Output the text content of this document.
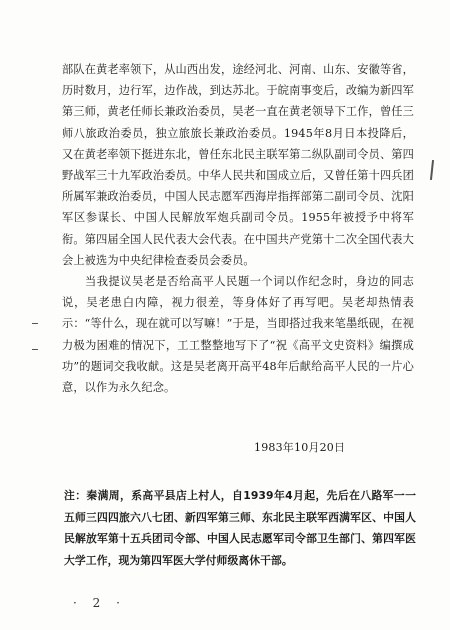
部队在黄老率领下，从山西出发，途经河北、河南、山东、安徽等省，历时数月，边行军，边作战，到达苏北。于皖南事变后，改编为新四军第三师，黄老任师长兼政治委员，吴老一直在黄老领导下工作，曾任三师八旅政治委员，独立旅旅长兼政治委员。1945年8月日本投降后，又在黄老率领下挺进东北，曾任东北民主联军第二纵队副司令员、第四野战军三十九军政治委员。中华人民共和国成立后，又曾任第十四兵团所属军兼政治委员，中国人民志愿军西海岸指挥部第二副司令员、沈阳军区参谋长、中国人民解放军炮兵副司令员。1955年被授予中将军衔。第四届全国人民代表大会代表。在中国共产党第十二次全国代表大会上被选为中央纪律检查委员会委员。

当我提议吴老是否给高平人民题一个词以作纪念时，身边的同志说，吴老患白内障，视力很差，等身体好了再写吧。吴老却热情表示：“等什么，现在就可以写嘛！”于是，当即搭过我来笔墨纸砚，在视力极为困难的情况下，工工整整地写下了“祝《高平文史资料》编撰成功”的题词交我收献。这是吴老离开高平48年后献给高平人民的一片心意，以作为永久纪念。

1983年10月20日
注：秦满周，系高平县店上村人，自1939年4月起，先后在八路军一一五师三四四旅六八七团、新四军第三师、东北民主联军西满军区、中国人民解放军第十五兵团司令部、中国人民志愿军司令部卫生部门、第四军医大学工作，现为第四军医大学付师级离休干部。
· 2 ·
